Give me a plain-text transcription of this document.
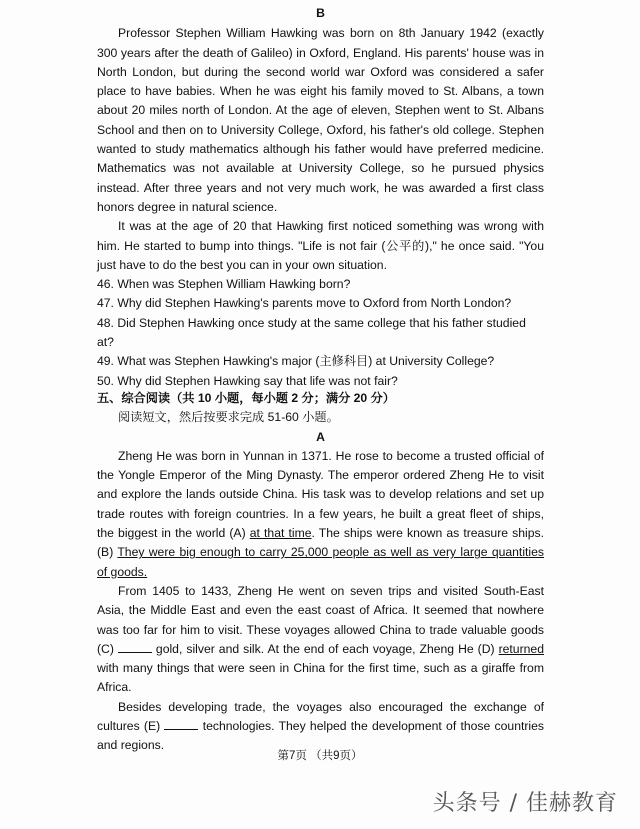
B

Professor Stephen William Hawking was born on 8th January 1942 (exactly 300 years after the death of Galileo) in Oxford, England. His parents' house was in North London, but during the second world war Oxford was considered a safer place to have babies. When he was eight his family moved to St. Albans, a town about 20 miles north of London. At the age of eleven, Stephen went to St. Albans School and then on to University College, Oxford, his father's old college. Stephen wanted to study mathematics although his father would have preferred medicine. Mathematics was not available at University College, so he pursued physics instead. After three years and not very much work, he was awarded a first class honors degree in natural science.

It was at the age of 20 that Hawking first noticed something was wrong with him. He started to bump into things. "Life is not fair (公平的)," he once said. "You just have to do the best you can in your own situation.

46. When was Stephen William Hawking born?
47. Why did Stephen Hawking's parents move to Oxford from North London?
48. Did Stephen Hawking once study at the same college that his father studied at?
49. What was Stephen Hawking's major (主修科目) at University College?
50. Why did Stephen Hawking say that life was not fair?
五、综合阅读（共 10 小题，每小题 2 分；满分 20 分）
阅读短文，然后按要求完成 51-60 小题。
A

Zheng He was born in Yunnan in 1371. He rose to become a trusted official of the Yongle Emperor of the Ming Dynasty. The emperor ordered Zheng He to visit and explore the lands outside China. His task was to develop relations and set up trade routes with foreign countries. In a few years, he built a great fleet of ships, the biggest in the world (A) at that time. The ships were known as treasure ships. (B) They were big enough to carry 25,000 people as well as very large quantities of goods.

From 1405 to 1433, Zheng He went on seven trips and visited South-East Asia, the Middle East and even the east coast of Africa. It seemed that nowhere was too far for him to visit. These voyages allowed China to trade valuable goods (C)	gold, silver and silk. At the end of each voyage, Zheng He (D) returned with many things that were seen in China for the first time, such as a giraffe from Africa.

Besides developing trade, the voyages also encouraged the exchange of cultures (E)	technologies. They helped the development of those countries and regions.

第7页 （共9页）
头条号 / 佳赫教育
